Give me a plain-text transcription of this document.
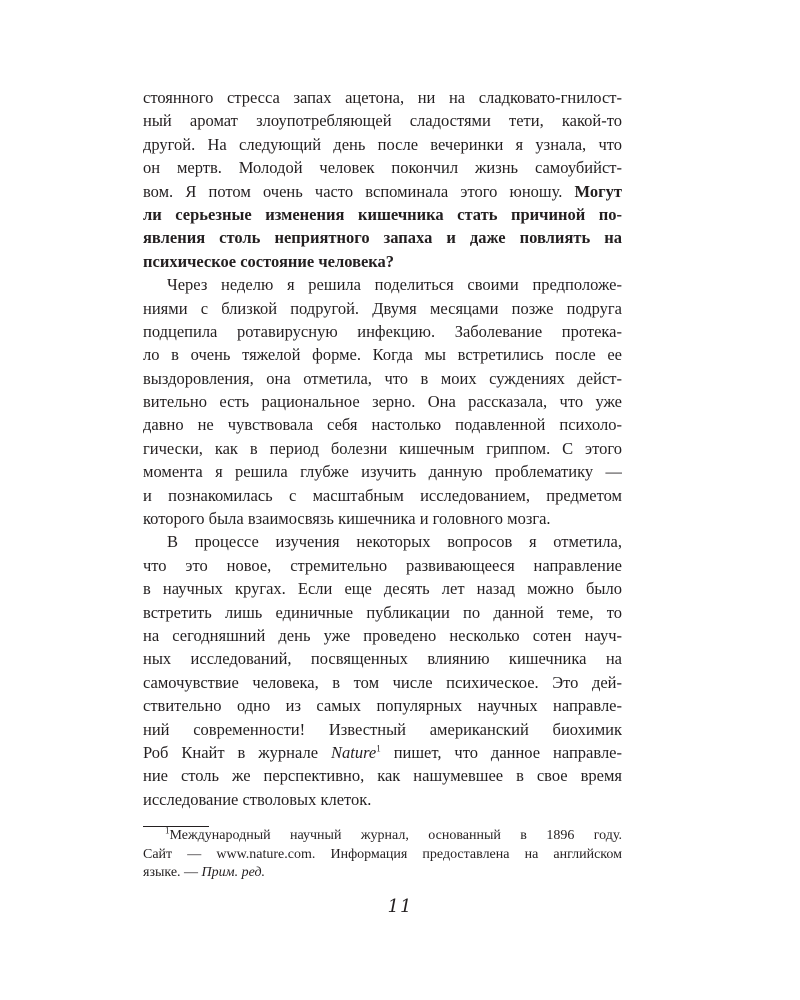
стоянного стресса запах ацетона, ни на сладковато-гнилост-
ный аромат злоупотребляющей сладостями тети, какой-то
другой. На следующий день после вечеринки я узнала, что
он мертв. Молодой человек покончил жизнь самоубийст-
вом. Я потом очень часто вспоминала этого юношу. Могут
ли серьезные изменения кишечника стать причиной по-
явления столь неприятного запаха и даже повлиять на
психическое состояние человека?
Через неделю я решила поделиться своими предположе-
ниями с близкой подругой. Двумя месяцами позже подруга
подцепила ротавирусную инфекцию. Заболевание протека-
ло в очень тяжелой форме. Когда мы встретились после ее
выздоровления, она отметила, что в моих суждениях дейст-
вительно есть рациональное зерно. Она рассказала, что уже
давно не чувствовала себя настолько подавленной психоло-
гически, как в период болезни кишечным гриппом. С этого
момента я решила глубже изучить данную проблематику —
и познакомилась с масштабным исследованием, предметом
которого была взаимосвязь кишечника и головного мозга.
В процессе изучения некоторых вопросов я отметила,
что это новое, стремительно развивающееся направление
в научных кругах. Если еще десять лет назад можно было
встретить лишь единичные публикации по данной теме, то
на сегодняшний день уже проведено несколько сотен науч-
ных исследований, посвященных влиянию кишечника на
самочувствие человека, в том числе психическое. Это дей-
ствительно одно из самых популярных научных направле-
ний современности! Известный американский биохимик
Роб Кнайт в журнале Nature$^1$ пишет, что данное направле-
ние столь же перспективно, как нашумевшее в свое время
исследование стволовых клеток.
$^1$Международный научный журнал, основанный в 1896 году.
Сайт — www.nature.com. Информация предоставлена на английском
языке. — Прим. ред.
11
